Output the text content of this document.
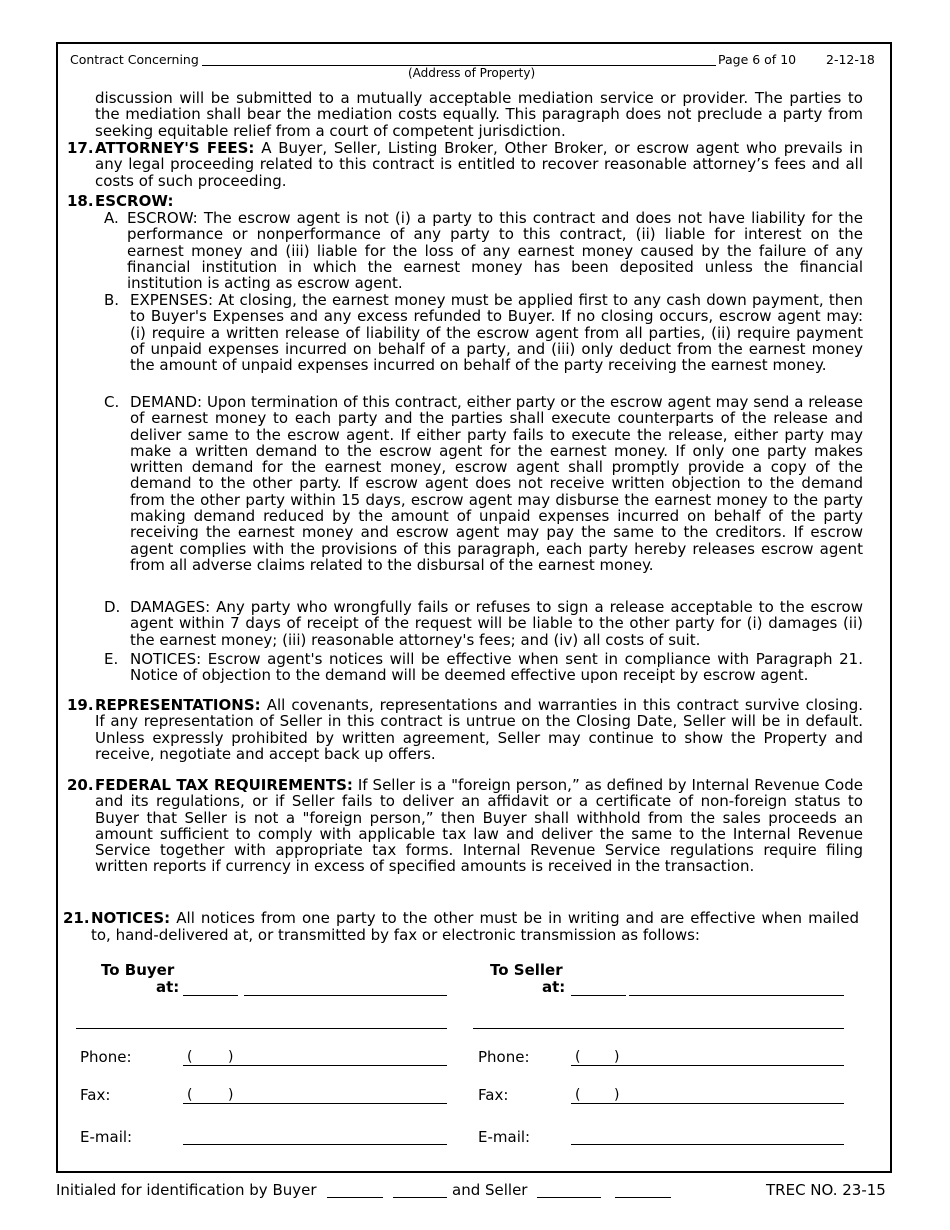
Contract Concerning
(Address of Property)
Page 6 of 10 2-12-18

discussion will be submitted to a mutually acceptable mediation service or provider. The parties to the mediation shall bear the mediation costs equally. This paragraph does not preclude a party from seeking equitable relief from a court of competent jurisdiction.

17. ATTORNEY'S FEES: A Buyer, Seller, Listing Broker, Other Broker, or escrow agent who prevails in any legal proceeding related to this contract is entitled to recover reasonable attorney’s fees and all costs of such proceeding.

18. ESCROW:
A. ESCROW: The escrow agent is not (i) a party to this contract and does not have liability for the performance or nonperformance of any party to this contract, (ii) liable for interest on the earnest money and (iii) liable for the loss of any earnest money caused by the failure of any financial institution in which the earnest money has been deposited unless the financial institution is acting as escrow agent.

B. EXPENSES: At closing, the earnest money must be applied first to any cash down payment, then to Buyer's Expenses and any excess refunded to Buyer. If no closing occurs, escrow agent may: (i) require a written release of liability of the escrow agent from all parties, (ii) require payment of unpaid expenses incurred on behalf of a party, and (iii) only deduct from the earnest money the amount of unpaid expenses incurred on behalf of the party receiving the earnest money.

C. DEMAND: Upon termination of this contract, either party or the escrow agent may send a release of earnest money to each party and the parties shall execute counterparts of the release and deliver same to the escrow agent. If either party fails to execute the release, either party may make a written demand to the escrow agent for the earnest money. If only one party makes written demand for the earnest money, escrow agent shall promptly provide a copy of the demand to the other party. If escrow agent does not receive written objection to the demand from the other party within 15 days, escrow agent may disburse the earnest money to the party making demand reduced by the amount of unpaid expenses incurred on behalf of the party receiving the earnest money and escrow agent may pay the same to the creditors. If escrow agent complies with the provisions of this paragraph, each party hereby releases escrow agent from all adverse claims related to the disbursal of the earnest money.

D. DAMAGES: Any party who wrongfully fails or refuses to sign a release acceptable to the escrow agent within 7 days of receipt of the request will be liable to the other party for (i) damages (ii) the earnest money; (iii) reasonable attorney's fees; and (iv) all costs of suit.

E. NOTICES: Escrow agent's notices will be effective when sent in compliance with Paragraph 21. Notice of objection to the demand will be deemed effective upon receipt by escrow agent.

19. REPRESENTATIONS: All covenants, representations and warranties in this contract survive closing. If any representation of Seller in this contract is untrue on the Closing Date, Seller will be in default. Unless expressly prohibited by written agreement, Seller may continue to show the Property and receive, negotiate and accept back up offers.

20. FEDERAL TAX REQUIREMENTS: If Seller is a "foreign person,” as defined by Internal Revenue Code and its regulations, or if Seller fails to deliver an affidavit or a certificate of non-foreign status to Buyer that Seller is not a "foreign person,” then Buyer shall withhold from the sales proceeds an amount sufficient to comply with applicable tax law and deliver the same to the Internal Revenue Service together with appropriate tax forms. Internal Revenue Service regulations require filing written reports if currency in excess of specified amounts is received in the transaction.

21. NOTICES: All notices from one party to the other must be in writing and are effective when mailed to, hand-delivered at, or transmitted by fax or electronic transmission as follows:

To Buyer
at:
Phone:	(	)
Fax:	(	)
E-mail:
To Seller
at:
Phone:	( )
Fax:	( )
E-mail:
Initialed for identification by Buyer	and Seller	TREC NO. 23-15
